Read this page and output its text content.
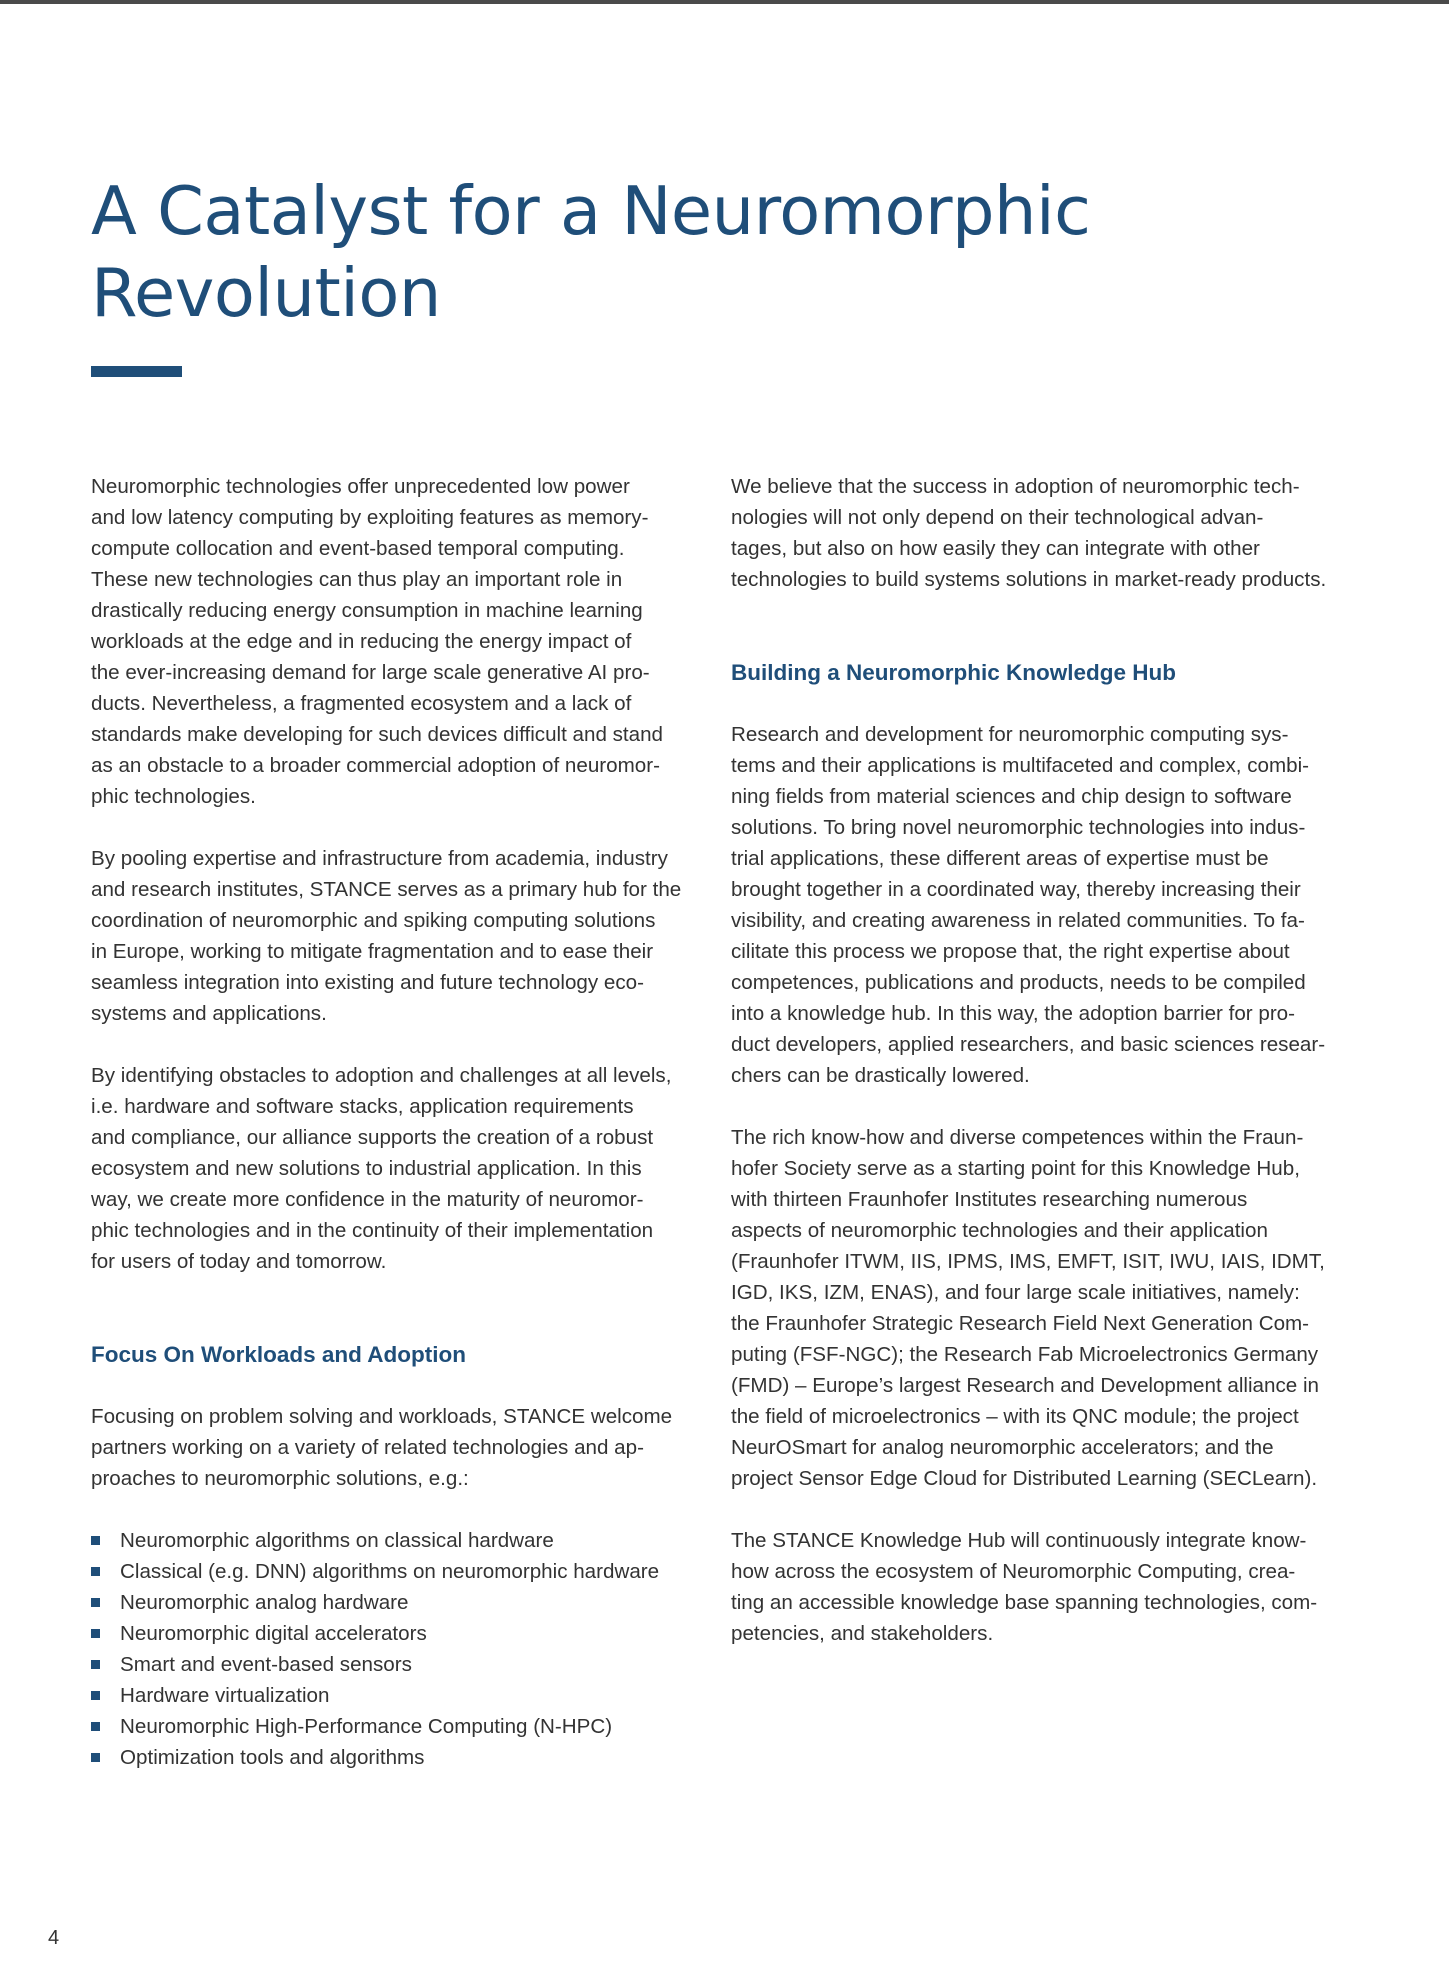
A Catalyst for a Neuromorphic
Revolution

Neuromorphic technologies offer unprecedented low power
and low latency computing by exploiting features as memory-
compute collocation and event-based temporal computing.
These new technologies can thus play an important role in
drastically reducing energy consumption in machine learning
workloads at the edge and in reducing the energy impact of
the ever-increasing demand for large scale generative AI pro-
ducts. Nevertheless, a fragmented ecosystem and a lack of
standards make developing for such devices difficult and stand
as an obstacle to a broader commercial adoption of neuromor-
phic technologies.

By pooling expertise and infrastructure from academia, industry
and research institutes, STANCE serves as a primary hub for the
coordination of neuromorphic and spiking computing solutions
in Europe, working to mitigate fragmentation and to ease their
seamless integration into existing and future technology eco-
systems and applications.

By identifying obstacles to adoption and challenges at all levels,
i.e. hardware and software stacks, application requirements
and compliance, our alliance supports the creation of a robust
ecosystem and new solutions to industrial application. In this
way, we create more confidence in the maturity of neuromor-
phic technologies and in the continuity of their implementation
for users of today and tomorrow.

Focus On Workloads and Adoption

Focusing on problem solving and workloads, STANCE welcome
partners working on a variety of related technologies and ap-
proaches to neuromorphic solutions, e.g.:

Neuromorphic algorithms on classical hardware
Classical (e.g. DNN) algorithms on neuromorphic hardware
Neuromorphic analog hardware
Neuromorphic digital accelerators
Smart and event-based sensors
Hardware virtualization
Neuromorphic High-Performance Computing (N-HPC)
Optimization tools and algorithms

We believe that the success in adoption of neuromorphic tech-
nologies will not only depend on their technological advan-
tages, but also on how easily they can integrate with other
technologies to build systems solutions in market-ready products.

Building a Neuromorphic Knowledge Hub

Research and development for neuromorphic computing sys-
tems and their applications is multifaceted and complex, combi-
ning fields from material sciences and chip design to software
solutions. To bring novel neuromorphic technologies into indus-
trial applications, these different areas of expertise must be
brought together in a coordinated way, thereby increasing their
visibility, and creating awareness in related communities. To fa-
cilitate this process we propose that, the right expertise about
competences, publications and products, needs to be compiled
into a knowledge hub. In this way, the adoption barrier for pro-
duct developers, applied researchers, and basic sciences resear-
chers can be drastically lowered.

The rich know-how and diverse competences within the Fraun-
hofer Society serve as a starting point for this Knowledge Hub,
with thirteen Fraunhofer Institutes researching numerous
aspects of neuromorphic technologies and their application
(Fraunhofer ITWM, IIS, IPMS, IMS, EMFT, ISIT, IWU, IAIS, IDMT,
IGD, IKS, IZM, ENAS), and four large scale initiatives, namely:
the Fraunhofer Strategic Research Field Next Generation Com-
puting (FSF-NGC); the Research Fab Microelectronics Germany
(FMD) – Europe’s largest Research and Development alliance in
the field of microelectronics – with its QNC module; the project
NeurOSmart for analog neuromorphic accelerators; and the
project Sensor Edge Cloud for Distributed Learning (SECLearn).

The STANCE Knowledge Hub will continuously integrate know-
how across the ecosystem of Neuromorphic Computing, crea-
ting an accessible knowledge base spanning technologies, com-
petencies, and stakeholders.

4
